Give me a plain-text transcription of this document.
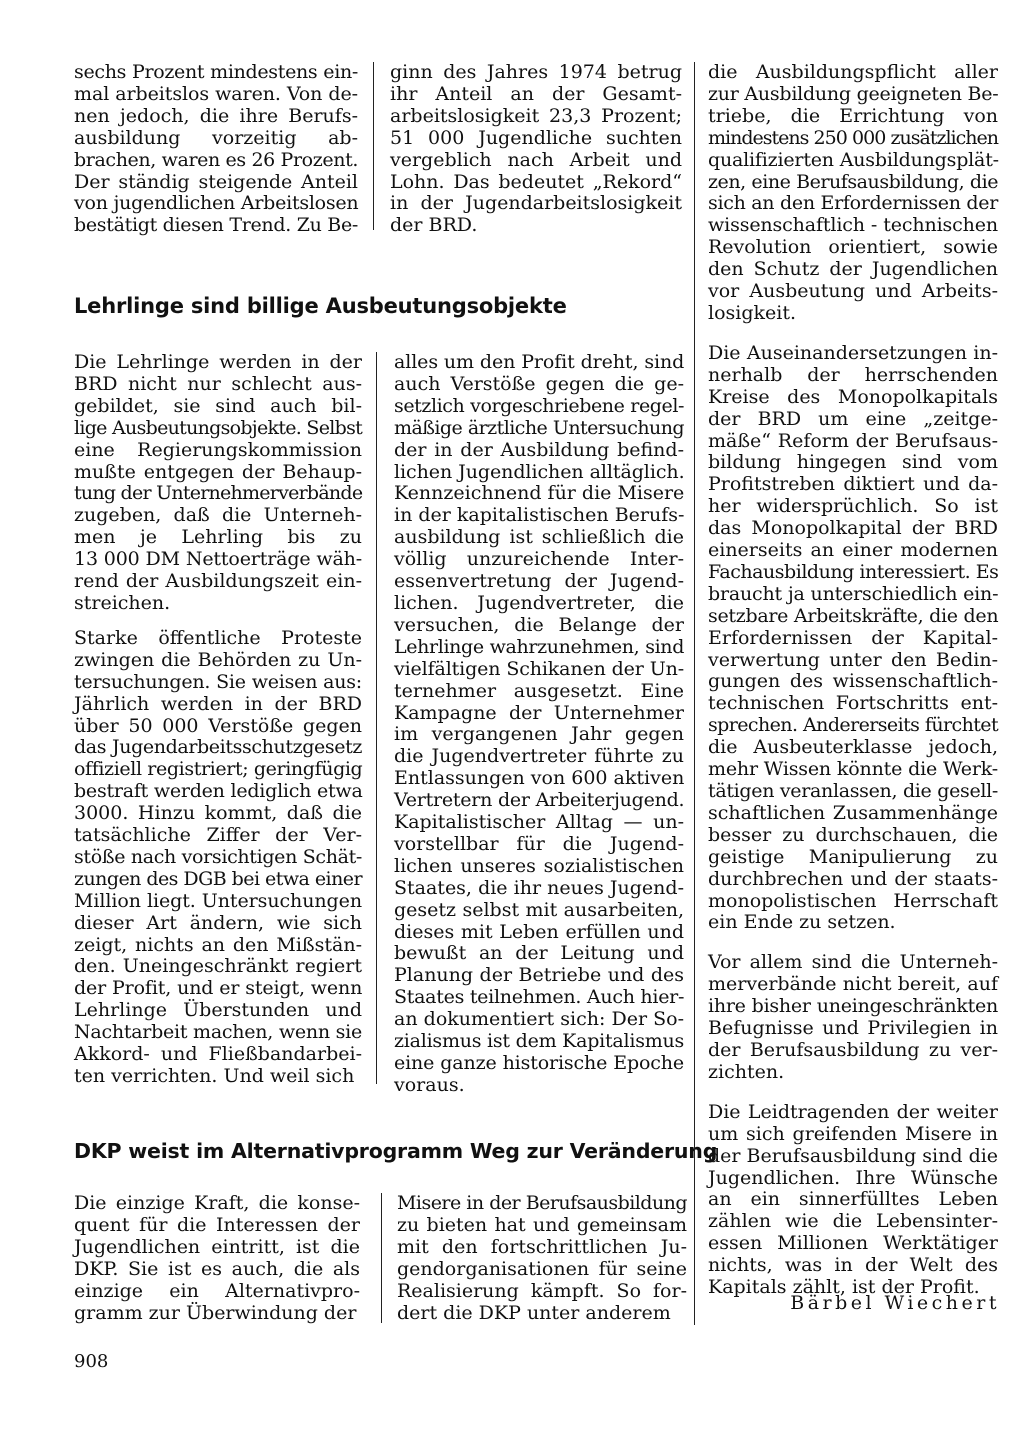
sechs Prozent mindestens ein-
mal arbeitslos waren. Von de-
nen jedoch, die ihre Berufs-
ausbildung vorzeitig ab-
brachen, waren es 26 Prozent.
Der ständig steigende Anteil
von jugendlichen Arbeitslosen
bestätigt diesen Trend. Zu Be-
ginn des Jahres 1974 betrug
ihr Anteil an der Gesamt-
arbeitslosigkeit 23,3 Prozent;
51 000 Jugendliche suchten
vergeblich nach Arbeit und
Lohn. Das bedeutet „Rekord“
in der Jugendarbeitslosigkeit
der BRD.
Lehrlinge sind billige Ausbeutungsobjekte

Die Lehrlinge werden in der
BRD nicht nur schlecht aus-
gebildet, sie sind auch bil-
lige Ausbeutungsobjekte. Selbst
eine Regierungskommission
mußte entgegen der Behaup-
tung der Unternehmerverbände
zugeben, daß die Unterneh-
men je Lehrling bis zu
13 000 DM Nettoerträge wäh-
rend der Ausbildungszeit ein-
streichen.

Starke öffentliche Proteste
zwingen die Behörden zu Un-
tersuchungen. Sie weisen aus:
Jährlich werden in der BRD
über 50 000 Verstöße gegen
das Jugendarbeitsschutzgesetz
offiziell registriert; geringfügig
bestraft werden lediglich etwa
3000. Hinzu kommt, daß die
tatsächliche Ziffer der Ver-
stöße nach vorsichtigen Schät-
zungen des DGB bei etwa einer
Million liegt. Untersuchungen
dieser Art ändern, wie sich
zeigt, nichts an den Mißstän-
den. Uneingeschränkt regiert
der Profit, und er steigt, wenn
Lehrlinge Überstunden und
Nachtarbeit machen, wenn sie
Akkord- und Fließbandarbei-
ten verrichten. Und weil sich

alles um den Profit dreht, sind
auch Verstöße gegen die ge-
setzlich vorgeschriebene regel-
mäßige ärztliche Untersuchung
der in der Ausbildung befind-
lichen Jugendlichen alltäglich.
Kennzeichnend für die Misere
in der kapitalistischen Berufs-
ausbildung ist schließlich die
völlig unzureichende Inter-
essenvertretung der Jugend-
lichen. Jugendvertreter, die
versuchen, die Belange der
Lehrlinge wahrzunehmen, sind
vielfältigen Schikanen der Un-
ternehmer ausgesetzt. Eine
Kampagne der Unternehmer
im vergangenen Jahr gegen
die Jugendvertreter führte zu
Entlassungen von 600 aktiven
Vertretern der Arbeiterjugend.
Kapitalistischer Alltag — un-
vorstellbar für die Jugend-
lichen unseres sozialistischen
Staates, die ihr neues Jugend-
gesetz selbst mit ausarbeiten,
dieses mit Leben erfüllen und
bewußt an der Leitung und
Planung der Betriebe und des
Staates teilnehmen. Auch hier-
an dokumentiert sich: Der So-
zialismus ist dem Kapitalismus
eine ganze historische Epoche
voraus.
DKP weist im Alternativprogramm Weg zur Veränderung
Die einzige Kraft, die konse-
quent für die Interessen der
Jugendlichen eintritt, ist die
DKP. Sie ist es auch, die als
einzige ein Alternativpro-
gramm zur Überwindung der
Misere in der Berufsausbildung
zu bieten hat und gemeinsam
mit den fortschrittlichen Ju-
gendorganisationen für seine
Realisierung kämpft. So for-
dert die DKP unter anderem

die Ausbildungspflicht aller
zur Ausbildung geeigneten Be-
triebe, die Errichtung von
mindestens 250 000 zusätzlichen
qualifizierten Ausbildungsplät-
zen, eine Berufsausbildung, die
sich an den Erfordernissen der
wissenschaftlich - technischen
Revolution orientiert, sowie
den Schutz der Jugendlichen
vor Ausbeutung und Arbeits-
losigkeit.

Die Auseinandersetzungen in-
nerhalb der herrschenden
Kreise des Monopolkapitals
der BRD um eine „zeitge-
mäße“ Reform der Berufsaus-
bildung hingegen sind vom
Profitstreben diktiert und da-
her widersprüchlich. So ist
das Monopolkapital der BRD
einerseits an einer modernen
Fachausbildung interessiert. Es
braucht ja unterschiedlich ein-
setzbare Arbeitskräfte, die den
Erfordernissen der Kapital-
verwertung unter den Bedin-
gungen des wissenschaftlich-
technischen Fortschritts ent-
sprechen. Andererseits fürchtet
die Ausbeuterklasse jedoch,
mehr Wissen könnte die Werk-
tätigen veranlassen, die gesell-
schaftlichen Zusammenhänge
besser zu durchschauen, die
geistige Manipulierung zu
durchbrechen und der staats-
monopolistischen Herrschaft
ein Ende zu setzen.

Vor allem sind die Unterneh-
merverbände nicht bereit, auf
ihre bisher uneingeschränkten
Befugnisse und Privilegien in
der Berufsausbildung zu ver-
zichten.

Die Leidtragenden der weiter
um sich greifenden Misere in
der Berufsausbildung sind die
Jugendlichen. Ihre Wünsche
an ein sinnerfülltes Leben
zählen wie die Lebensinter-
essen Millionen Werktätiger
nichts, was in der Welt des
Kapitals zählt, ist der Profit.

Bärbel Wiechert
908
